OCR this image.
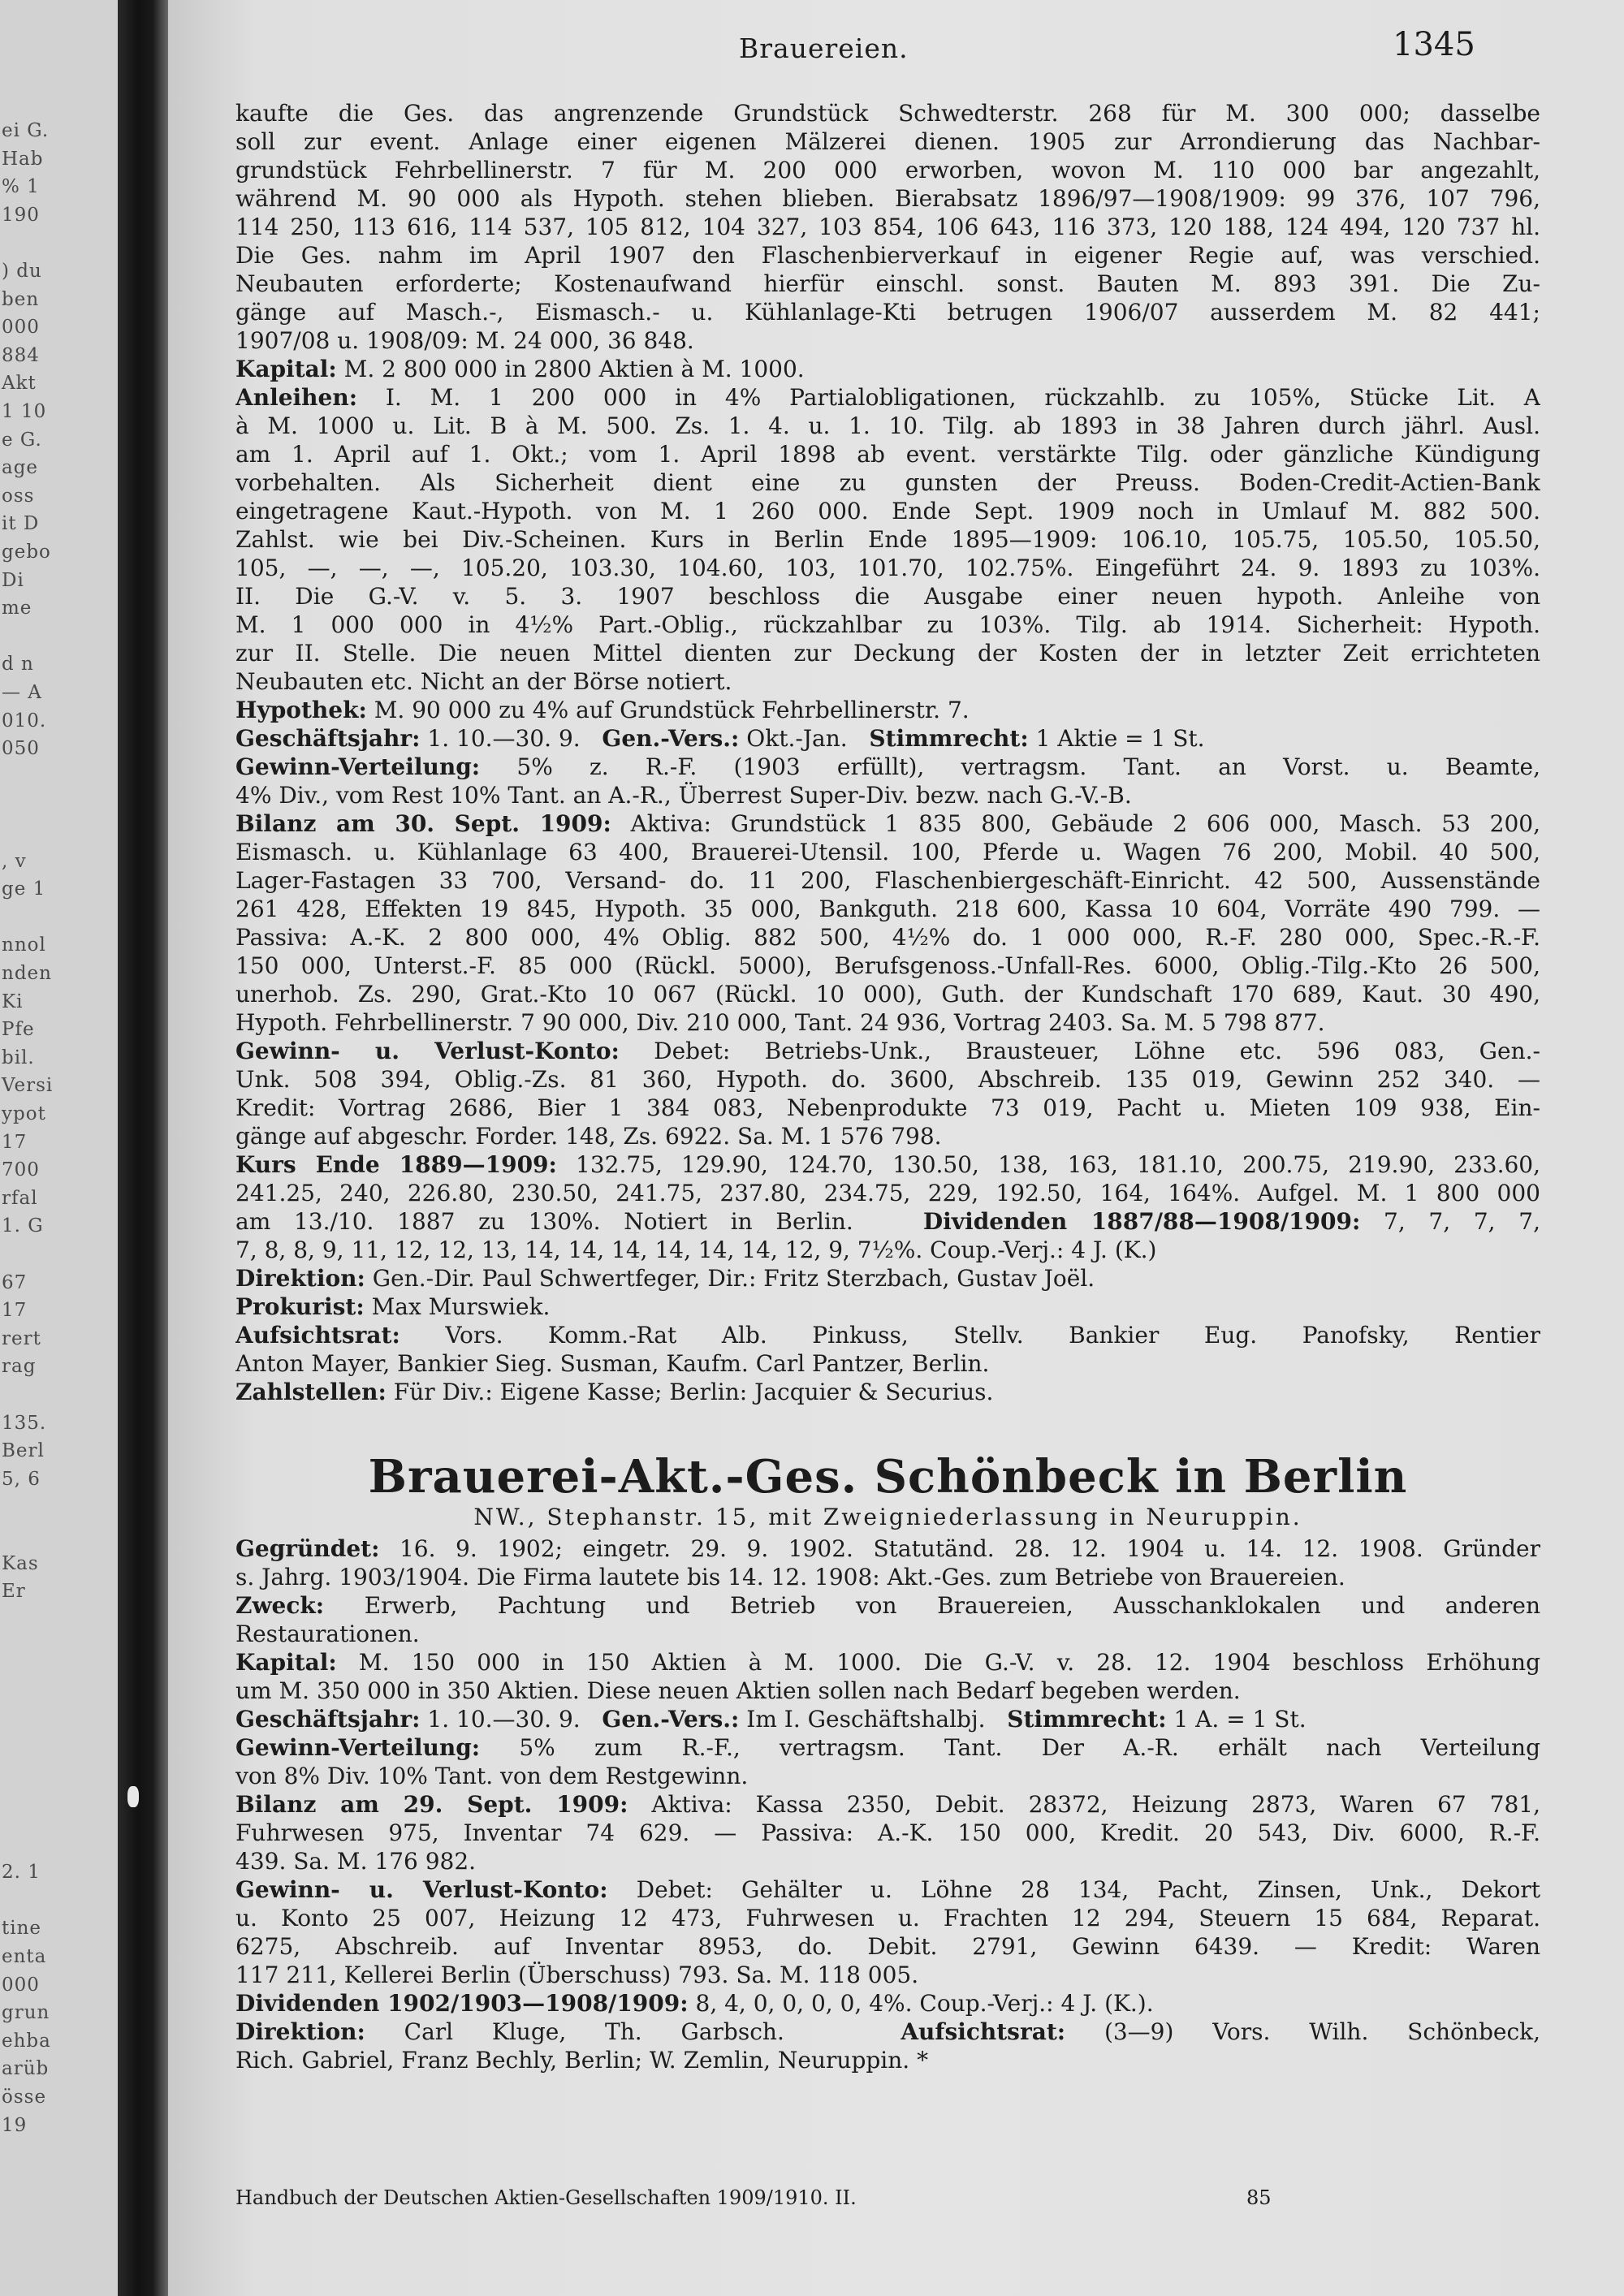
ei G.
Hab
% 1
190
) du
ben
000
884
Akt
1 10
e G.
age
oss
it D
gebo
Di
me
d n
— A
010.
050
, v
ge 1
nnol
nden
Ki
Pfe
bil.
Versi
ypot
17
700
rfal
1. G
67
17
rert
rag
135.
Berl
5, 6
Kas
Er
2. 1
tine
enta
000
grun
ehba
arüb
össe
19
Brauereien.	1345
kaufte die Ges. das angrenzende Grundstück Schwedterstr. 268 für M. 300 000; dasselbe
soll zur event. Anlage einer eigenen Mälzerei dienen. 1905 zur Arrondierung das Nachbar-
grundstück Fehrbellinerstr. 7 für M. 200 000 erworben, wovon M. 110 000 bar angezahlt,
während M. 90 000 als Hypoth. stehen blieben. Bierabsatz 1896/97—1908/1909: 99 376, 107 796,
114 250, 113 616, 114 537, 105 812, 104 327, 103 854, 106 643, 116 373, 120 188, 124 494, 120 737 hl.
Die Ges. nahm im April 1907 den Flaschenbierverkauf in eigener Regie auf, was verschied.
Neubauten erforderte; Kostenaufwand hierfür einschl. sonst. Bauten M. 893 391. Die Zu-
gänge auf Masch.-, Eismasch.- u. Kühlanlage-Kti betrugen 1906/07 ausserdem M. 82 441;
1907/08 u. 1908/09: M. 24 000, 36 848.
Kapital: M. 2 800 000 in 2800 Aktien à M. 1000.
Anleihen: I. M. 1 200 000 in 4% Partialobligationen, rückzahlb. zu 105%, Stücke Lit. A
à M. 1000 u. Lit. B à M. 500. Zs. 1. 4. u. 1. 10. Tilg. ab 1893 in 38 Jahren durch jährl. Ausl.
am 1. April auf 1. Okt.; vom 1. April 1898 ab event. verstärkte Tilg. oder gänzliche Kündigung
vorbehalten. Als Sicherheit dient eine zu gunsten der Preuss. Boden-Credit-Actien-Bank
eingetragene Kaut.-Hypoth. von M. 1 260 000. Ende Sept. 1909 noch in Umlauf M. 882 500.
Zahlst. wie bei Div.-Scheinen. Kurs in Berlin Ende 1895—1909: 106.10, 105.75, 105.50, 105.50,
105, —, —, —, 105.20, 103.30, 104.60, 103, 101.70, 102.75%. Eingeführt 24. 9. 1893 zu 103%.
II. Die G.-V. v. 5. 3. 1907 beschloss die Ausgabe einer neuen hypoth. Anleihe von
M. 1 000 000 in 4½% Part.-Oblig., rückzahlbar zu 103%. Tilg. ab 1914. Sicherheit: Hypoth.
zur II. Stelle. Die neuen Mittel dienten zur Deckung der Kosten der in letzter Zeit errichteten
Neubauten etc. Nicht an der Börse notiert.
Hypothek: M. 90 000 zu 4% auf Grundstück Fehrbellinerstr. 7.
Geschäftsjahr: 1. 10.—30. 9. Gen.-Vers.: Okt.-Jan. Stimmrecht: 1 Aktie = 1 St.
Gewinn-Verteilung: 5% z. R.-F. (1903 erfüllt), vertragsm. Tant. an Vorst. u. Beamte,
4% Div., vom Rest 10% Tant. an A.-R., Überrest Super-Div. bezw. nach G.-V.-B.
Bilanz am 30. Sept. 1909: Aktiva: Grundstück 1 835 800, Gebäude 2 606 000, Masch. 53 200,
Eismasch. u. Kühlanlage 63 400, Brauerei-Utensil. 100, Pferde u. Wagen 76 200, Mobil. 40 500,
Lager-Fastagen 33 700, Versand- do. 11 200, Flaschenbiergeschäft-Einricht. 42 500, Aussenstände
261 428, Effekten 19 845, Hypoth. 35 000, Bankguth. 218 600, Kassa 10 604, Vorräte 490 799. —
Passiva: A.-K. 2 800 000, 4% Oblig. 882 500, 4½% do. 1 000 000, R.-F. 280 000, Spec.-R.-F.
150 000, Unterst.-F. 85 000 (Rückl. 5000), Berufsgenoss.-Unfall-Res. 6000, Oblig.-Tilg.-Kto 26 500,
unerhob. Zs. 290, Grat.-Kto 10 067 (Rückl. 10 000), Guth. der Kundschaft 170 689, Kaut. 30 490,
Hypoth. Fehrbellinerstr. 7 90 000, Div. 210 000, Tant. 24 936, Vortrag 2403. Sa. M. 5 798 877.
Gewinn- u. Verlust-Konto: Debet: Betriebs-Unk., Brausteuer, Löhne etc. 596 083, Gen.-
Unk. 508 394, Oblig.-Zs. 81 360, Hypoth. do. 3600, Abschreib. 135 019, Gewinn 252 340. —
Kredit: Vortrag 2686, Bier 1 384 083, Nebenprodukte 73 019, Pacht u. Mieten 109 938, Ein-
gänge auf abgeschr. Forder. 148, Zs. 6922. Sa. M. 1 576 798.
Kurs Ende 1889—1909: 132.75, 129.90, 124.70, 130.50, 138, 163, 181.10, 200.75, 219.90, 233.60,
241.25, 240, 226.80, 230.50, 241.75, 237.80, 234.75, 229, 192.50, 164, 164%. Aufgel. M. 1 800 000
am 13./10. 1887 zu 130%. Notiert in Berlin.	Dividenden 1887/88—1908/1909: 7, 7, 7, 7,
7, 8, 8, 9, 11, 12, 12, 13, 14, 14, 14, 14, 14, 14, 12, 9, 7½%. Coup.-Verj.: 4 J. (K.)
Direktion: Gen.-Dir. Paul Schwertfeger, Dir.: Fritz Sterzbach, Gustav Joël.
Prokurist: Max Murswiek.
Aufsichtsrat: Vors. Komm.-Rat Alb. Pinkuss, Stellv. Bankier Eug. Panofsky, Rentier
Anton Mayer, Bankier Sieg. Susman, Kaufm. Carl Pantzer, Berlin.
Zahlstellen: Für Div.: Eigene Kasse; Berlin: Jacquier & Securius.
Brauerei-Akt.-Ges. Schönbeck in Berlin
NW., Stephanstr. 15, mit Zweigniederlassung in Neuruppin.
Gegründet: 16. 9. 1902; eingetr. 29. 9. 1902. Statutänd. 28. 12. 1904 u. 14. 12. 1908. Gründer
s. Jahrg. 1903/1904. Die Firma lautete bis 14. 12. 1908: Akt.-Ges. zum Betriebe von Brauereien.
Zweck: Erwerb, Pachtung und Betrieb von Brauereien, Ausschanklokalen und anderen
Restaurationen.
Kapital: M. 150 000 in 150 Aktien à M. 1000. Die G.-V. v. 28. 12. 1904 beschloss Erhöhung
um M. 350 000 in 350 Aktien. Diese neuen Aktien sollen nach Bedarf begeben werden.
Geschäftsjahr: 1. 10.—30. 9. Gen.-Vers.: Im I. Geschäftshalbj. Stimmrecht: 1 A. = 1 St.
Gewinn-Verteilung: 5% zum R.-F., vertragsm. Tant. Der A.-R. erhält nach Verteilung
von 8% Div. 10% Tant. von dem Restgewinn.
Bilanz am 29. Sept. 1909: Aktiva: Kassa 2350, Debit. 28372, Heizung 2873, Waren 67 781,
Fuhrwesen 975, Inventar 74 629. — Passiva: A.-K. 150 000, Kredit. 20 543, Div. 6000, R.-F.
439. Sa. M. 176 982.
Gewinn- u. Verlust-Konto: Debet: Gehälter u. Löhne 28 134, Pacht, Zinsen, Unk., Dekort
u. Konto 25 007, Heizung 12 473, Fuhrwesen u. Frachten 12 294, Steuern 15 684, Reparat.
6275, Abschreib. auf Inventar 8953, do. Debit. 2791, Gewinn 6439. — Kredit: Waren
117 211, Kellerei Berlin (Überschuss) 793. Sa. M. 118 005.
Dividenden 1902/1903—1908/1909: 8, 4, 0, 0, 0, 0, 4%. Coup.-Verj.: 4 J. (K.).
Direktion: Carl Kluge, Th. Garbsch.	Aufsichtsrat: (3—9) Vors. Wilh. Schönbeck,
Rich. Gabriel, Franz Bechly, Berlin; W. Zemlin, Neuruppin. *
Handbuch der Deutschen Aktien-Gesellschaften 1909/1910. II.	85
